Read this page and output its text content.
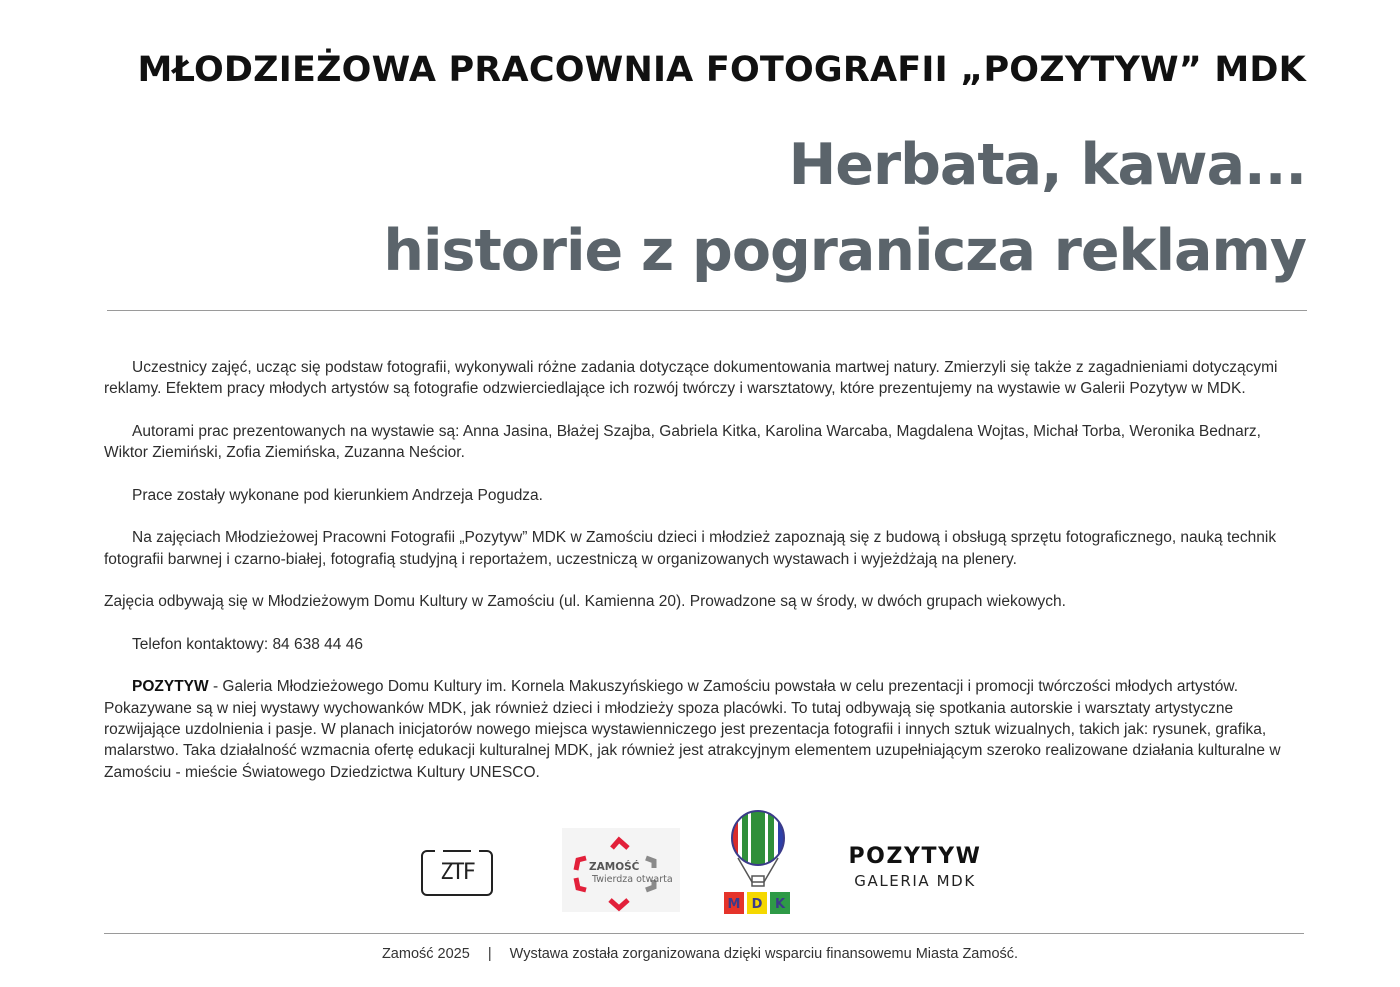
MŁODZIEŻOWA PRACOWNIA FOTOGRAFII „POZYTYW” MDK
Herbata, kawa...
historie z pogranicza reklamy

Uczestnicy zajęć, ucząc się podstaw fotografii, wykonywali różne zadania dotyczące dokumentowania martwej natury. Zmierzyli się także z zagadnieniami dotyczącymi reklamy. Efektem pracy młodych artystów są fotografie odzwierciedlające ich rozwój twórczy i warsztatowy, które prezentujemy na wystawie w Galerii Pozytyw w MDK.

Autorami prac prezentowanych na wystawie są: Anna Jasina, Błażej Szajba, Gabriela Kitka, Karolina Warcaba, Magdalena Wojtas, Michał Torba, Weronika Bednarz, Wiktor Ziemiński, Zofia Ziemińska, Zuzanna Neścior.

Prace zostały wykonane pod kierunkiem Andrzeja Pogudza.

Na zajęciach Młodzieżowej Pracowni Fotografii „Pozytyw” MDK w Zamościu dzieci i młodzież zapoznają się z budową i obsługą sprzętu fotograficznego, nauką technik fotografii barwnej i czarno-białej, fotografią studyjną i reportażem, uczestniczą w organizowanych wystawach i wyjeżdżają na plenery.

Zajęcia odbywają się w Młodzieżowym Domu Kultury w Zamościu (ul. Kamienna 20). Prowadzone są w środy, w dwóch grupach wiekowych.

Telefon kontaktowy: 84 638 44 46

POZYTYW - Galeria Młodzieżowego Domu Kultury im. Kornela Makuszyńskiego w Zamościu powstała w celu prezentacji i promocji twórczości młodych artystów. Pokazywane są w niej wystawy wychowanków MDK, jak również dzieci i młodzieży spoza placówki. To tutaj odbywają się spotkania autorskie i warsztaty artystyczne rozwijające uzdolnienia i pasje. W planach inicjatorów nowego miejsca wystawienniczego jest prezentacja fotografii i innych sztuk wizualnych, takich jak: rysunek, grafika, malarstwo. Taka działalność wzmacnia ofertę edukacji kulturalnej MDK, jak również jest atrakcyjnym elementem uzupełniającym szeroko realizowane działania kulturalne w Zamościu - mieście Światowego Dziedzictwa Kultury UNESCO.

ZTF	ZAMOŚĆ
Twierdza otwarta
M D K
POZYTYW
GALERIA MDK
Zamość 2025 | Wystawa została zorganizowana dzięki wsparciu finansowemu Miasta Zamość.
